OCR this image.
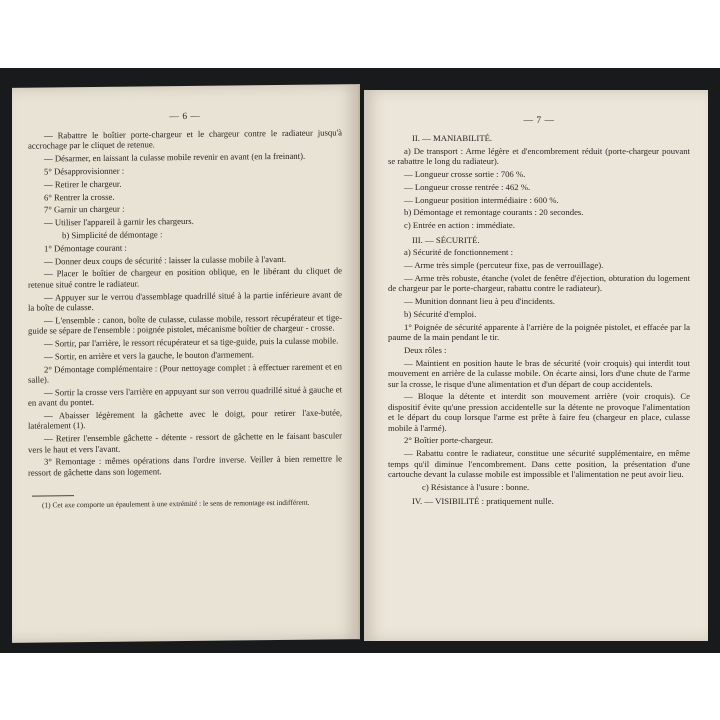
— 6 —

— Rabattre le boîtier porte-chargeur et le chargeur contre le radiateur jusqu'à accrochage par le cliquet de retenue.

— Désarmer, en laissant la culasse mobile revenir en avant (en la freinant).

5° Désapprovisionner :

— Retirer le chargeur.

6° Rentrer la crosse.

7° Garnir un chargeur :

— Utiliser l'appareil à garnir les chargeurs.

b) Simplicité de démontage :

1° Démontage courant :

— Donner deux coups de sécurité : laisser la culasse mobile à l'avant.

— Placer le boîtier de chargeur en position oblique, en le libérant du cliquet de retenue situé contre le radiateur.

— Appuyer sur le verrou d'assemblage quadrillé situé à la partie inférieure avant de la boîte de culasse.

— L'ensemble : canon, boîte de culasse, culasse mobile, ressort récupérateur et tige-guide se sépare de l'ensemble : poignée pistolet, mécanisme boîtier de chargeur - crosse.

— Sortir, par l'arrière, le ressort récupérateur et sa tige-guide, puis la culasse mobile.

— Sortir, en arrière et vers la gauche, le bouton d'armement.

2° Démontage complémentaire : (Pour nettoyage complet : à effectuer rarement et en salle).

— Sortir la crosse vers l'arrière en appuyant sur son verrou quadrillé situé à gauche et en avant du pontet.

— Abaisser légèrement la gâchette avec le doigt, pour retirer l'axe-butée, latéralement (1).

— Retirer l'ensemble gâchette - détente - ressort de gâchette en le faisant basculer vers le haut et vers l'avant.

3° Remontage : mêmes opérations dans l'ordre inverse. Veiller à bien remettre le ressort de gâchette dans son logement.

(1) Cet axe comporte un épaulement à une extrémité : le sens de remontage est indifférent.

— 7 —

II. — MANIABILITÉ.

a) De transport : Arme légère et d'encombrement réduit (porte-chargeur pouvant se rabattre le long du radiateur).

— Longueur crosse sortie : 706 %.

— Longueur crosse rentrée : 462 %.

— Longueur position intermédiaire : 600 %.

b) Démontage et remontage courants : 20 secondes.

c) Entrée en action : immédiate.

III. — SÉCURITÉ.

a) Sécurité de fonctionnement :

— Arme très simple (percuteur fixe, pas de verrouillage).

— Arme très robuste, étanche (volet de fenêtre d'éjection, obturation du logement de chargeur par le porte-chargeur, rabattu contre le radiateur).

— Munition donnant lieu à peu d'incidents.

b) Sécurité d'emploi.

1° Poignée de sécurité apparente à l'arrière de la poignée pistolet, et effacée par la paume de la main pendant le tir.

Deux rôles :

— Maintient en position haute le bras de sécurité (voir croquis) qui interdit tout mouvement en arrière de la culasse mobile. On écarte ainsi, lors d'une chute de l'arme sur la crosse, le risque d'une alimentation et d'un départ de coup accidentels.

— Bloque la détente et interdit son mouvement arrière (voir croquis). Ce dispositif évite qu'une pression accidentelle sur la détente ne provoque l'alimentation et le départ du coup lorsque l'arme est prête à faire feu (chargeur en place, culasse mobile à l'armé).

2° Boîtier porte-chargeur.

— Rabattu contre le radiateur, constitue une sécurité supplémentaire, en même temps qu'il diminue l'encombrement. Dans cette position, la présentation d'une cartouche devant la culasse mobile est impossible et l'alimentation ne peut avoir lieu.

c) Résistance à l'usure : bonne.

IV. — VISIBILITÉ : pratiquement nulle.
